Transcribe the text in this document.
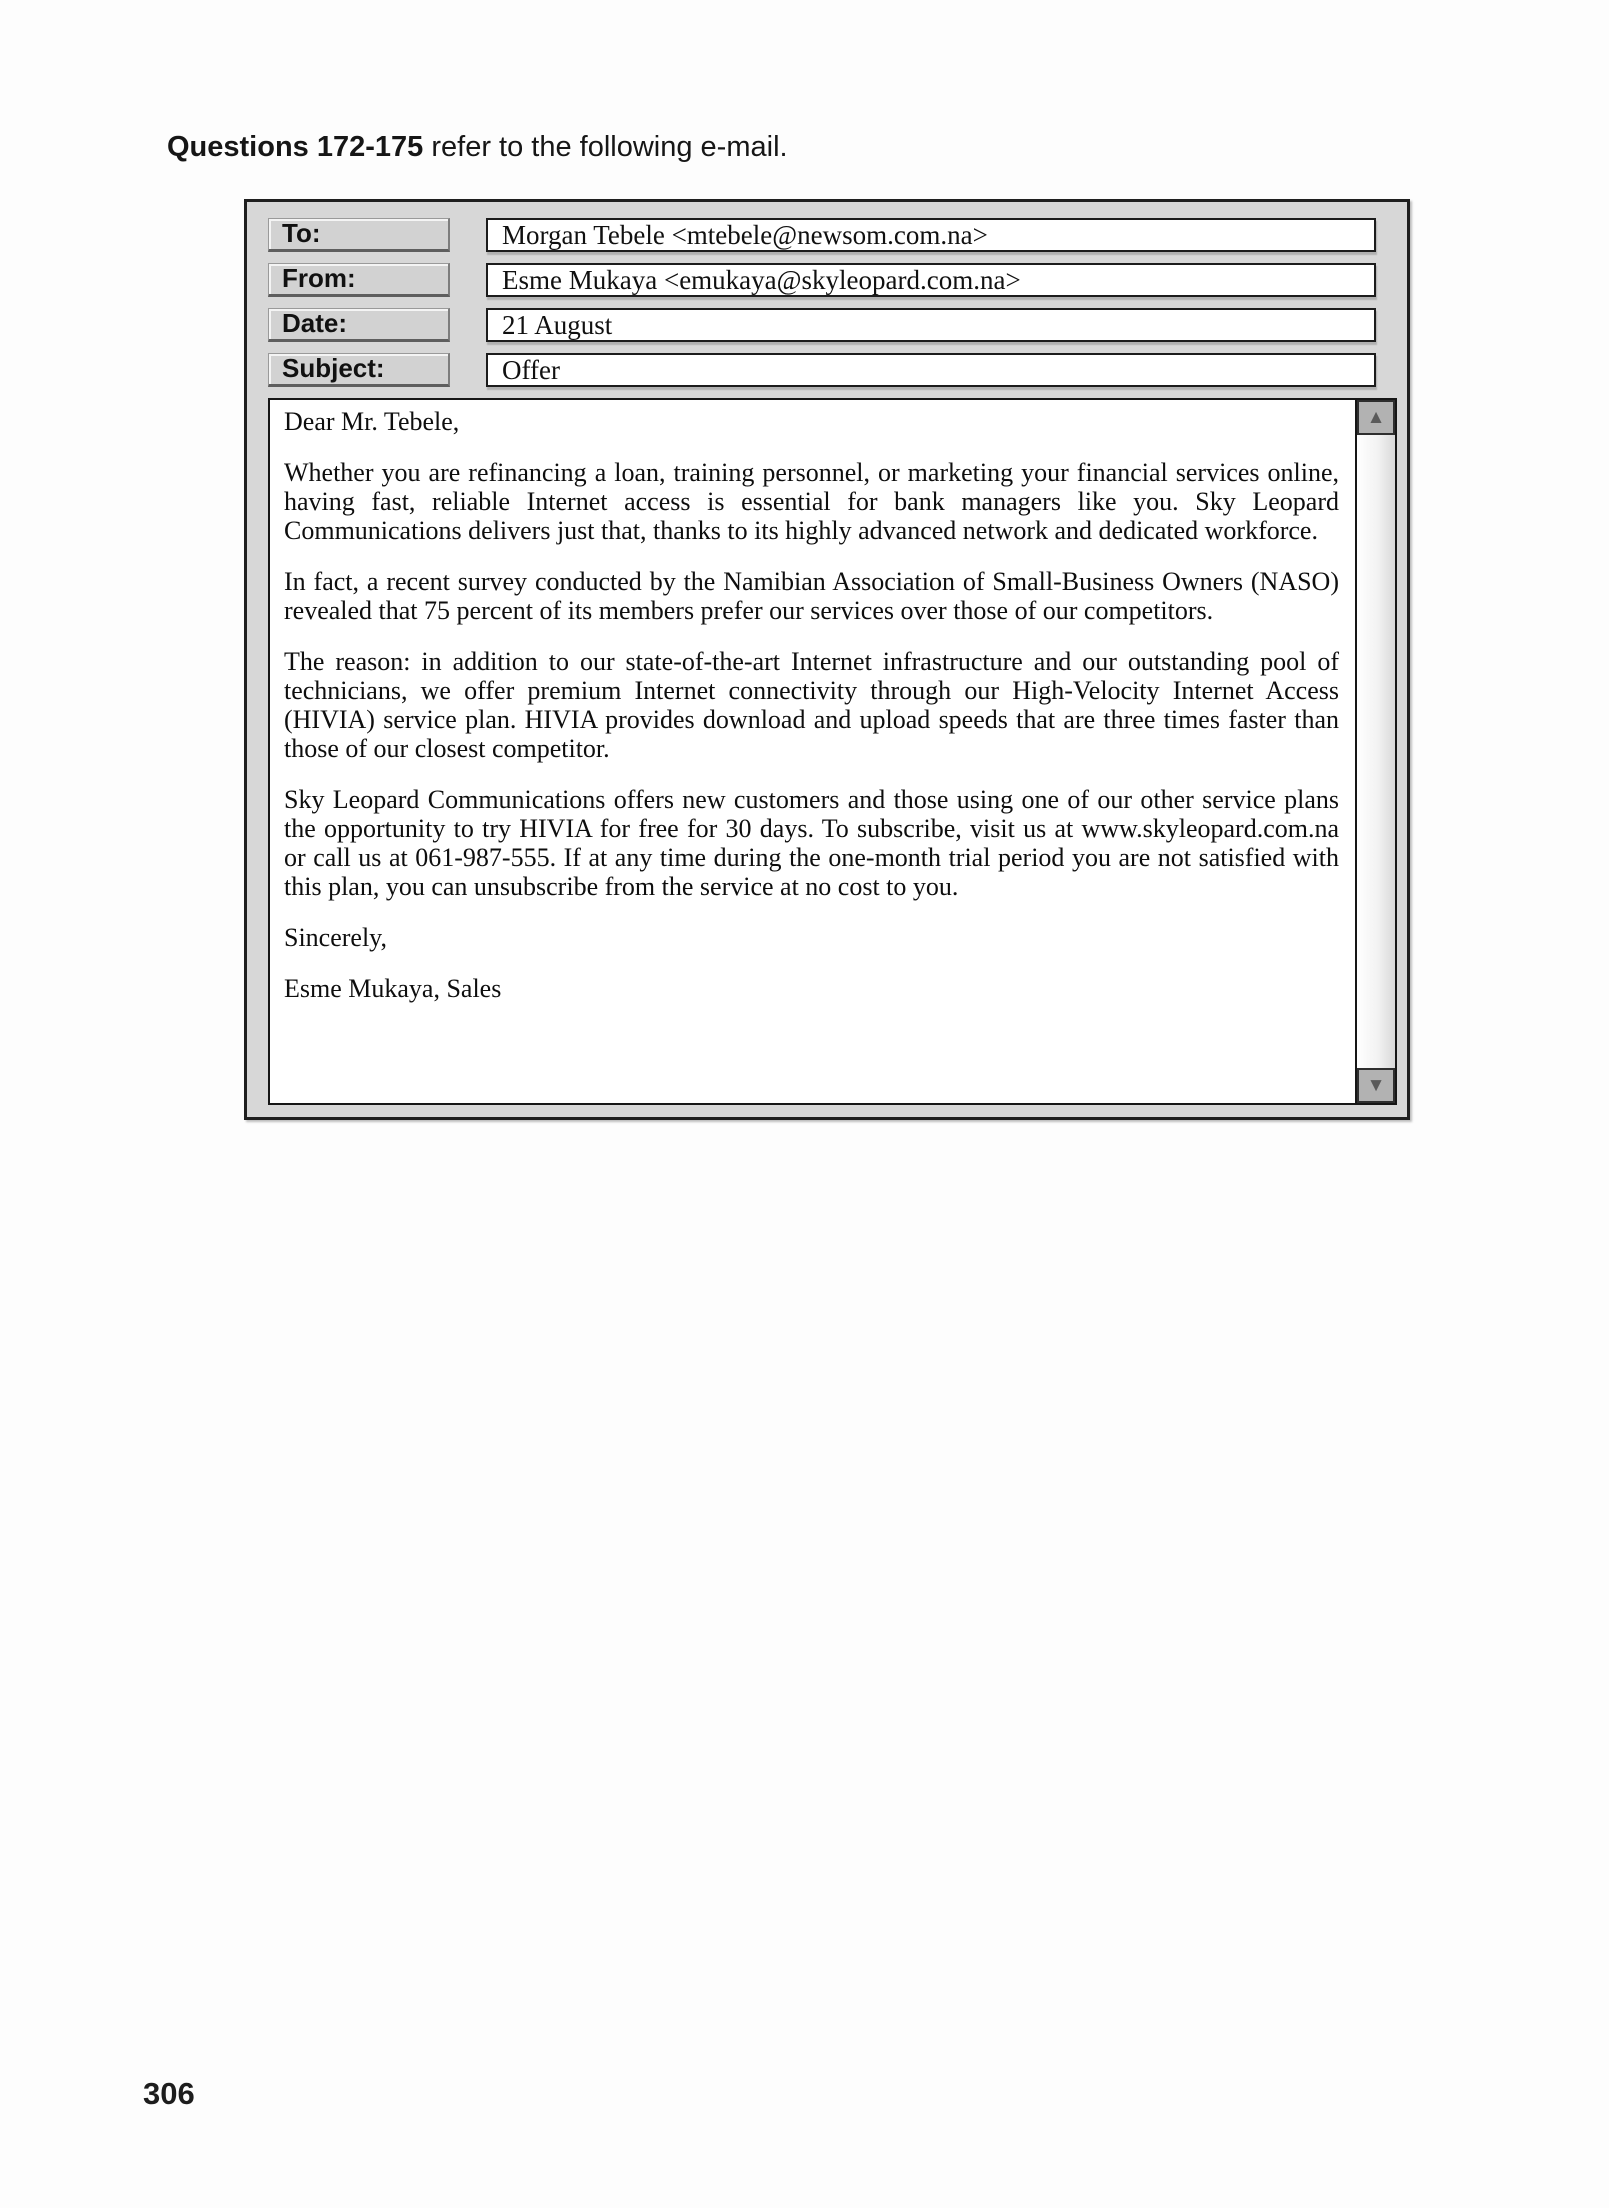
Questions 172-175 refer to the following e-mail.
To:	Morgan Tebele <mtebele@newsom.com.na>
From:	Esme Mukaya <emukaya@skyleopard.com.na>
Date:	21 August
Subject:	Offer

Dear Mr. Tebele,

Whether you are refinancing a loan, training personnel, or marketing your financial services online, having fast, reliable Internet access is essential for bank managers like you. Sky Leopard Communications delivers just that, thanks to its highly advanced network and dedicated workforce.

In fact, a recent survey conducted by the Namibian Association of Small-Business Owners (NASO) revealed that 75 percent of its members prefer our services over those of our competitors.

The reason: in addition to our state-of-the-art Internet infrastructure and our outstanding pool of technicians, we offer premium Internet connectivity through our High-Velocity Internet Access (HIVIA) service plan. HIVIA provides download and upload speeds that are three times faster than those of our closest competitor.

Sky Leopard Communications offers new customers and those using one of our other service plans the opportunity to try HIVIA for free for 30 days. To subscribe, visit us at www.skyleopard.com.na or call us at 061-987-555. If at any time during the one-month trial period you are not satisfied with this plan, you can unsubscribe from the service at no cost to you.

Sincerely,

Esme Mukaya, Sales

▲
▼
306
